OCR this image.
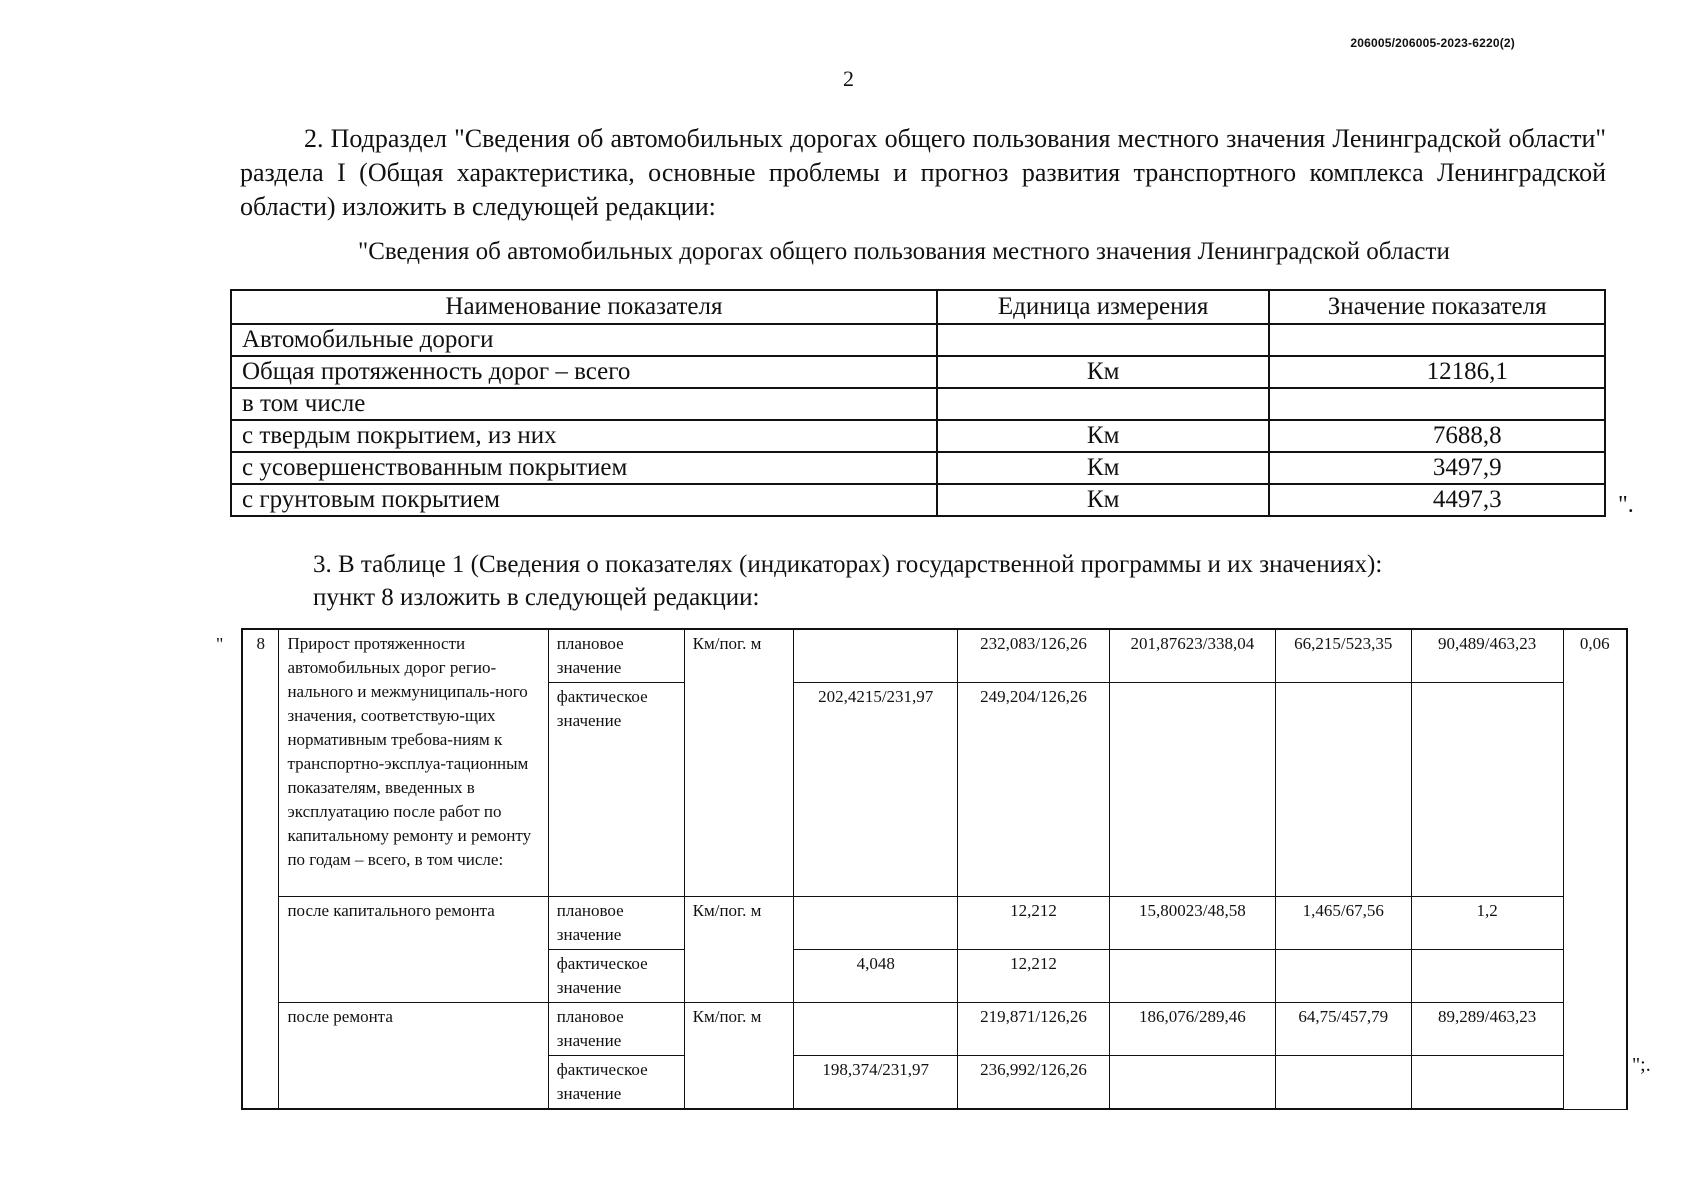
206005/206005-2023-6220(2)
2
2. Подраздел "Сведения об автомобильных дорогах общего пользования местного значения Ленинградской области" раздела I (Общая характеристика, основные проблемы и прогноз развития транспортного комплекса Ленинградской области) изложить в следующей редакции:
"Сведения об автомобильных дорогах общего пользования местного значения Ленинградской области
Наименование показателя	Единица измерения	Значение показателя
Автомобильные дороги		
Общая протяженность дорог – всего	Км	12186,1
в том числе		
с твердым покрытием, из них	Км	7688,8
с усовершенствованным покрытием	Км	3497,9
с грунтовым покрытием	Км	4497,3	".
3. В таблице 1 (Сведения о показателях (индикаторах) государственной программы и их значениях):
пункт 8 изложить в следующей редакции:
" 8	Прирост протяженности автомобильных дорог регио-нального и межмуниципаль-ного значения, соответствую-щих нормативным требова-ниям к транспортно-эксплуа-тационным показателям, введенных в эксплуатацию после работ по капитальному ремонту и ремонту по годам – всего, в том числе:	плановое значение	Км/пог. м		232,083/126,26	201,87623/338,04	66,215/523,35	90,489/463,23	0,06
		фактическое значение		202,4215/231,97	249,204/126,26				
	после капитального ремонта	плановое значение	Км/пог. м		12,212	15,80023/48,58	1,465/67,56	1,2	
		фактическое значение		4,048	12,212				
	после ремонта	плановое значение	Км/пог. м		219,871/126,26	186,076/289,46	64,75/457,79	89,289/463,23	
		фактическое значение		198,374/231,97	236,992/126,26					";.
